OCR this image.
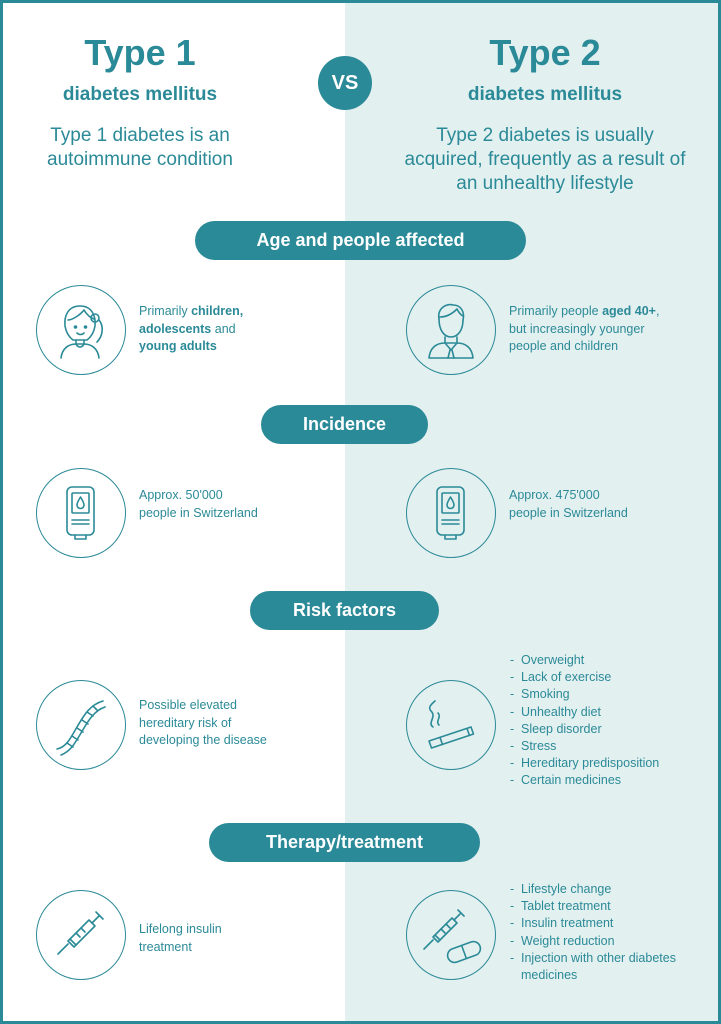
Type 1
diabetes mellitus
Type 1 diabetes is an autoimmune condition
VS
Type 2
diabetes mellitus
Type 2 diabetes is usually acquired, frequently as a result of an unhealthy lifestyle
Age and people affected
Primarily children, adolescents and young adults
Primarily people aged 40+, but increasingly younger people and children
Incidence
Approx. 50'000 people in Switzerland
Approx. 475'000 people in Switzerland
Risk factors
Possible elevated hereditary risk of developing the disease
- Overweight
- Lack of exercise
- Smoking
- Unhealthy diet
- Sleep disorder
- Stress
- Hereditary predisposition
- Certain medicines
Therapy/treatment
Lifelong insulin treatment
- Lifestyle change
- Tablet treatment
- Insulin treatment
- Weight reduction
- Injection with other diabetes medicines
